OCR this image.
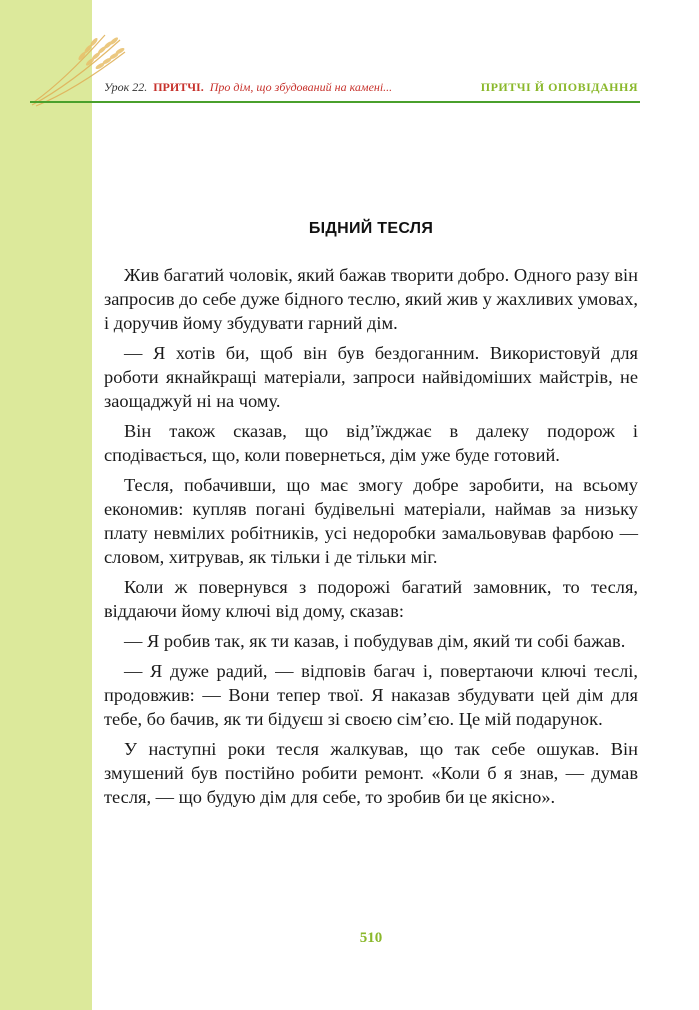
Урок 22. ПРИТЧІ. Про дім, що збудований на камені...	ПРИТЧІ Й ОПОВІДАННЯ
БІДНИЙ ТЕСЛЯ

Жив багатий чоловік, який бажав творити добро. Одного разу він запросив до себе дуже бідного теслю, який жив у жахливих умовах, і доручив йому збудувати гарний дім.

— Я хотів би, щоб він був бездоганним. Використовуй для роботи якнайкращі матеріали, запроси найвідоміших майстрів, не заощаджуй ні на чому.

Він також сказав, що від’їжджає в далеку подорож і сподівається, що, коли повернеться, дім уже буде готовий.

Тесля, побачивши, що має змогу добре заробити, на всьому економив: купляв погані будівельні матеріали, наймав за низьку плату невмілих робітників, усі недоробки замальовував фарбою — словом, хитрував, як тільки і де тільки міг.

Коли ж повернувся з подорожі багатий замовник, то тесля, віддаючи йому ключі від дому, сказав:

— Я робив так, як ти казав, і побудував дім, який ти собі бажав.

— Я дуже радий, — відповів багач і, повертаючи ключі теслі, продовжив: — Вони тепер твої. Я наказав збудувати цей дім для тебе, бо бачив, як ти бідуєш зі своєю сім’єю. Це мій подарунок.

У наступні роки тесля жалкував, що так себе ошукав. Він змушений був постійно робити ремонт. «Коли б я знав, — думав тесля, — що будую дім для себе, то зробив би це якісно».

510
